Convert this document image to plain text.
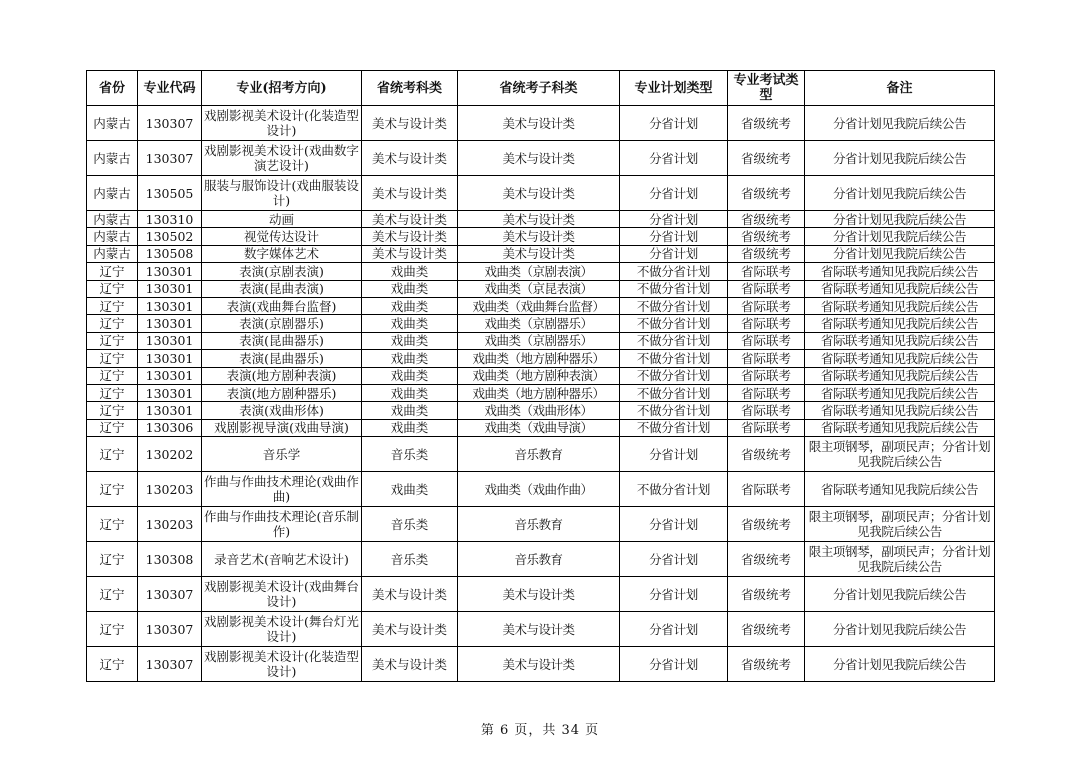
省份	专业代码	专业(招考方向)	省统考科类	省统考子科类	专业计划类型	专业考试类型	备注
内蒙古	130307	戏剧影视美术设计(化装造型设计)	美术与设计类	美术与设计类	分省计划	省级统考	分省计划见我院后续公告
内蒙古	130307	戏剧影视美术设计(戏曲数字演艺设计)	美术与设计类	美术与设计类	分省计划	省级统考	分省计划见我院后续公告
内蒙古	130505	服装与服饰设计(戏曲服装设计)	美术与设计类	美术与设计类	分省计划	省级统考	分省计划见我院后续公告
内蒙古	130310	动画	美术与设计类	美术与设计类	分省计划	省级统考	分省计划见我院后续公告
内蒙古	130502	视觉传达设计	美术与设计类	美术与设计类	分省计划	省级统考	分省计划见我院后续公告
内蒙古	130508	数字媒体艺术	美术与设计类	美术与设计类	分省计划	省级统考	分省计划见我院后续公告
辽宁	130301	表演(京剧表演)	戏曲类	戏曲类（京剧表演）	不做分省计划	省际联考	省际联考通知见我院后续公告
辽宁	130301	表演(昆曲表演)	戏曲类	戏曲类（京昆表演）	不做分省计划	省际联考	省际联考通知见我院后续公告
辽宁	130301	表演(戏曲舞台监督)	戏曲类	戏曲类（戏曲舞台监督）	不做分省计划	省际联考	省际联考通知见我院后续公告
辽宁	130301	表演(京剧器乐)	戏曲类	戏曲类（京剧器乐）	不做分省计划	省际联考	省际联考通知见我院后续公告
辽宁	130301	表演(昆曲器乐)	戏曲类	戏曲类（京剧器乐）	不做分省计划	省际联考	省际联考通知见我院后续公告
辽宁	130301	表演(昆曲器乐)	戏曲类	戏曲类（地方剧种器乐）	不做分省计划	省际联考	省际联考通知见我院后续公告
辽宁	130301	表演(地方剧种表演)	戏曲类	戏曲类（地方剧种表演）	不做分省计划	省际联考	省际联考通知见我院后续公告
辽宁	130301	表演(地方剧种器乐)	戏曲类	戏曲类（地方剧种器乐）	不做分省计划	省际联考	省际联考通知见我院后续公告
辽宁	130301	表演(戏曲形体)	戏曲类	戏曲类（戏曲形体）	不做分省计划	省际联考	省际联考通知见我院后续公告
辽宁	130306	戏剧影视导演(戏曲导演)	戏曲类	戏曲类（戏曲导演）	不做分省计划	省际联考	省际联考通知见我院后续公告
辽宁	130202	音乐学	音乐类	音乐教育	分省计划	省级统考	限主项钢琴，副项民声；分省计划见我院后续公告
辽宁	130203	作曲与作曲技术理论(戏曲作曲)	戏曲类	戏曲类（戏曲作曲）	不做分省计划	省际联考	省际联考通知见我院后续公告
辽宁	130203	作曲与作曲技术理论(音乐制作)	音乐类	音乐教育	分省计划	省级统考	限主项钢琴，副项民声；分省计划见我院后续公告
辽宁	130308	录音艺术(音响艺术设计)	音乐类	音乐教育	分省计划	省级统考	限主项钢琴，副项民声；分省计划见我院后续公告
辽宁	130307	戏剧影视美术设计(戏曲舞台设计)	美术与设计类	美术与设计类	分省计划	省级统考	分省计划见我院后续公告
辽宁	130307	戏剧影视美术设计(舞台灯光设计)	美术与设计类	美术与设计类	分省计划	省级统考	分省计划见我院后续公告
辽宁	130307	戏剧影视美术设计(化装造型设计)	美术与设计类	美术与设计类	分省计划	省级统考	分省计划见我院后续公告
第 6 页，共 34 页
